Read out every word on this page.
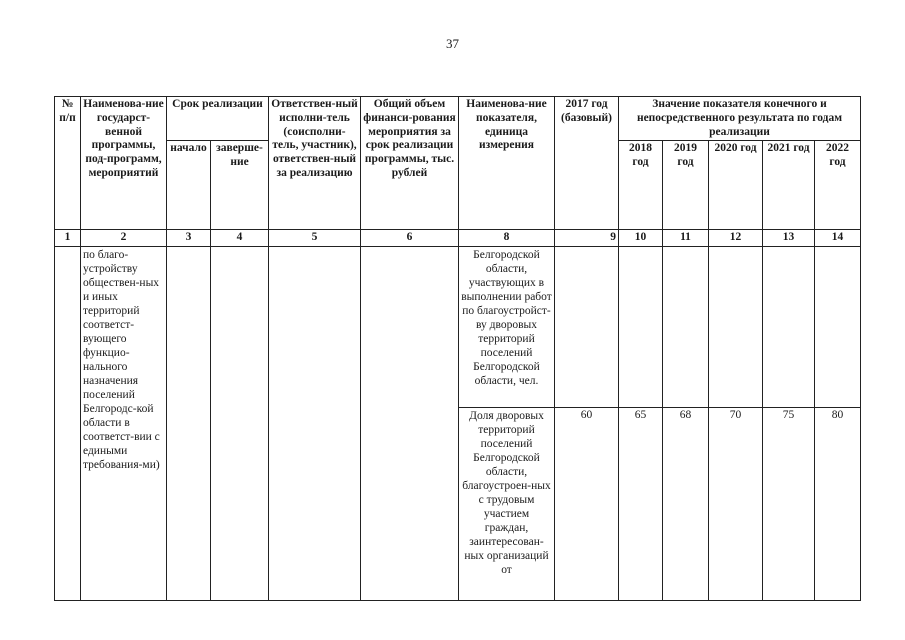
37
№ п/п	Наименова-ние государст-венной программы, под-программ, мероприятий	Срок реализации		Ответствен-ный исполни-тель (соисполни-тель, участник), ответствен-ный за реализацию	Общий объем финанси-рования мероприятия за срок реализации программы, тыс. рублей	Наименова-ние показателя, единица измерения	2017 год (базовый)	Значение показателя конечного и непосредственного результата по годам реализации				
		начало	заверше-ние					2018 год	2019 год	2020 год	2021 год	2022 год
1	2	3	4	5	6	8	9	10	11	12	13	14
	по благо-устройству обществен-ных и иных территорий соответст-вующего функцио-нального назначения поселений Белгородс-кой области в соответст-вии с едиными требования-ми)					Белгородской области, участвующих в выполнении работ по благоустройст-ву дворовых территорий поселений Белгородской области, чел.						
						Доля дворовых территорий поселений Белгородской области, благоустроен-ных с трудовым участием граждан, заинтересован-ных организаций от	60	65	68	70	75	80
